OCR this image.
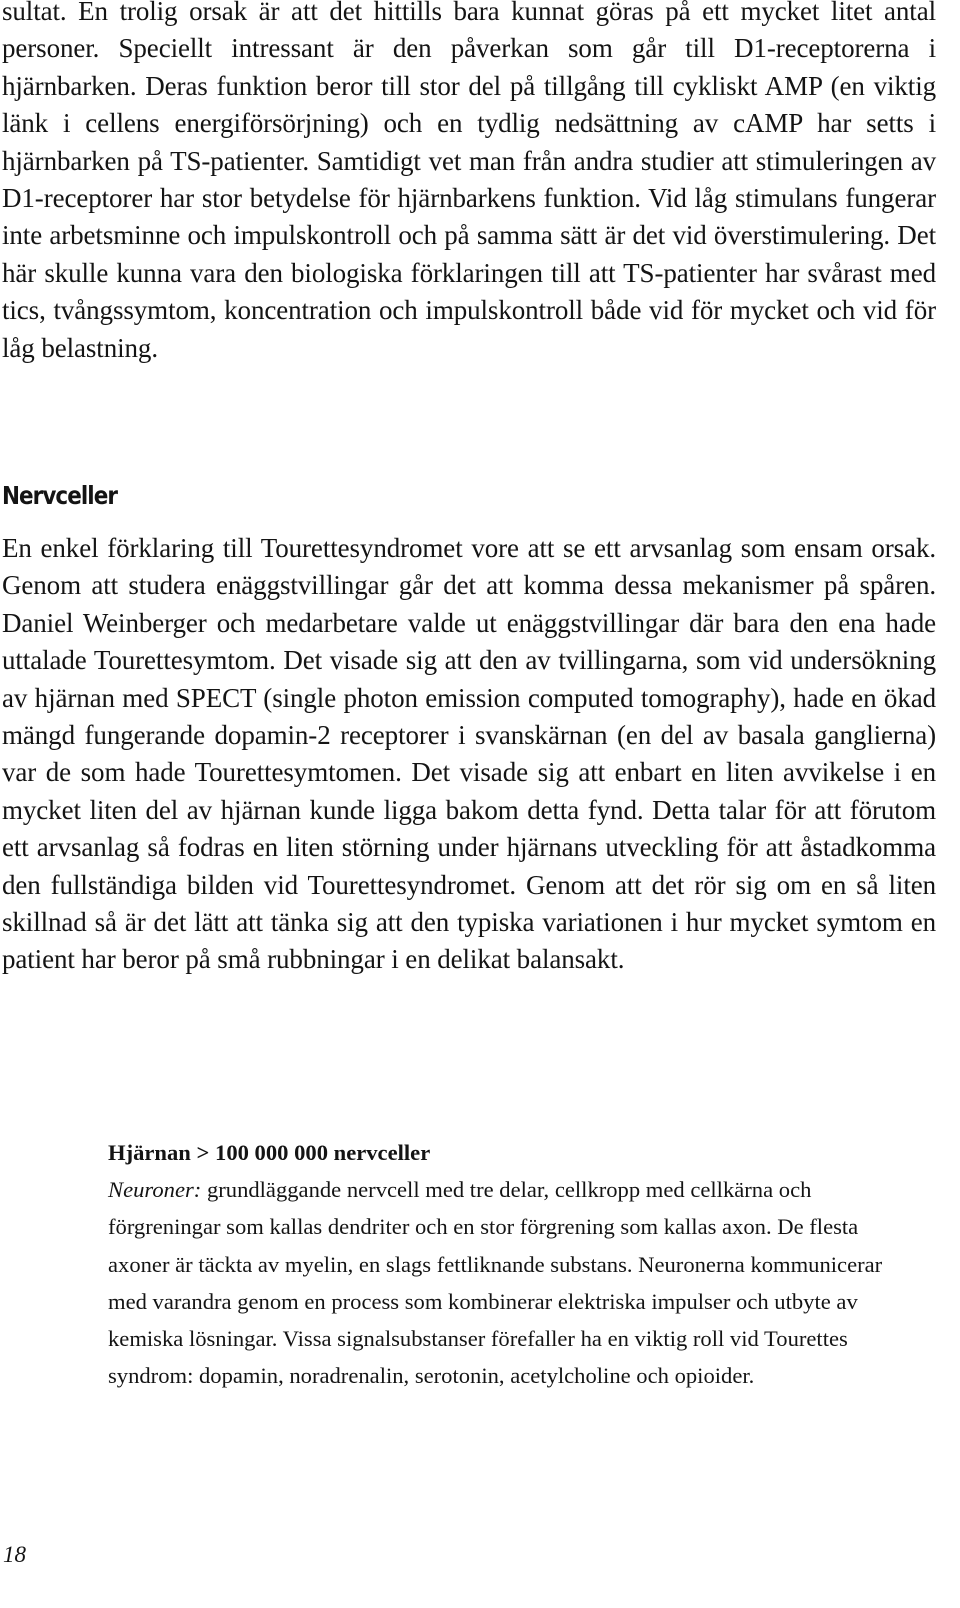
sultat. En trolig orsak är att det hittills bara kunnat göras på ett mycket litet antal personer. Speciellt intressant är den påverkan som går till D1-receptorerna i hjärnbarken. Deras funktion beror till stor del på tillgång till cykliskt AMP (en viktig länk i cellens energiförsörjning) och en tydlig nedsättning av cAMP har setts i hjärnbarken på TS-patienter. Samtidigt vet man från andra studier att stimuleringen av D1-receptorer har stor betydelse för hjärnbarkens funktion. Vid låg stimulans fungerar inte arbetsminne och impulskontroll och på samma sätt är det vid överstimulering. Det här skulle kunna vara den biologiska förklaringen till att TS-patienter har svårast med tics, tvångssymtom, koncentration och impulskontroll både vid för mycket och vid för låg belastning.

Nervceller

En enkel förklaring till Tourettesyndromet vore att se ett arvsanlag som ensam orsak. Genom att studera enäggstvillingar går det att komma dessa mekanismer på spåren. Daniel Weinberger och medarbetare valde ut enäggstvillingar där bara den ena hade uttalade Tourettesymtom. Det visade sig att den av tvillingarna, som vid undersökning av hjärnan med SPECT (single photon emission computed tomography), hade en ökad mängd fungerande dopamin-2 receptorer i svanskärnan (en del av basala ganglierna) var de som hade Tourettesymtomen. Det visade sig att enbart en liten avvikelse i en mycket liten del av hjärnan kunde ligga bakom detta fynd. Detta talar för att förutom ett arvsanlag så fodras en liten störning under hjärnans utveckling för att åstadkomma den fullständiga bilden vid Tourettesyndromet. Genom att det rör sig om en så liten skillnad så är det lätt att tänka sig att den typiska variationen i hur mycket symtom en patient har beror på små rubbningar i en delikat balansakt.

Hjärnan > 100 000 000 nervceller

Neuroner: grundläggande nervcell med tre delar, cellkropp med cellkärna och förgreningar som kallas dendriter och en stor förgrening som kallas axon. De flesta axoner är täckta av myelin, en slags fettliknande substans. Neuronerna kommunicerar med varandra genom en process som kombinerar elektriska impulser och utbyte av kemiska lösningar. Vissa signalsubstanser förefaller ha en viktig roll vid Tourettes syndrom: dopamin, noradrenalin, serotonin, acetylcholine och opioider.

18
